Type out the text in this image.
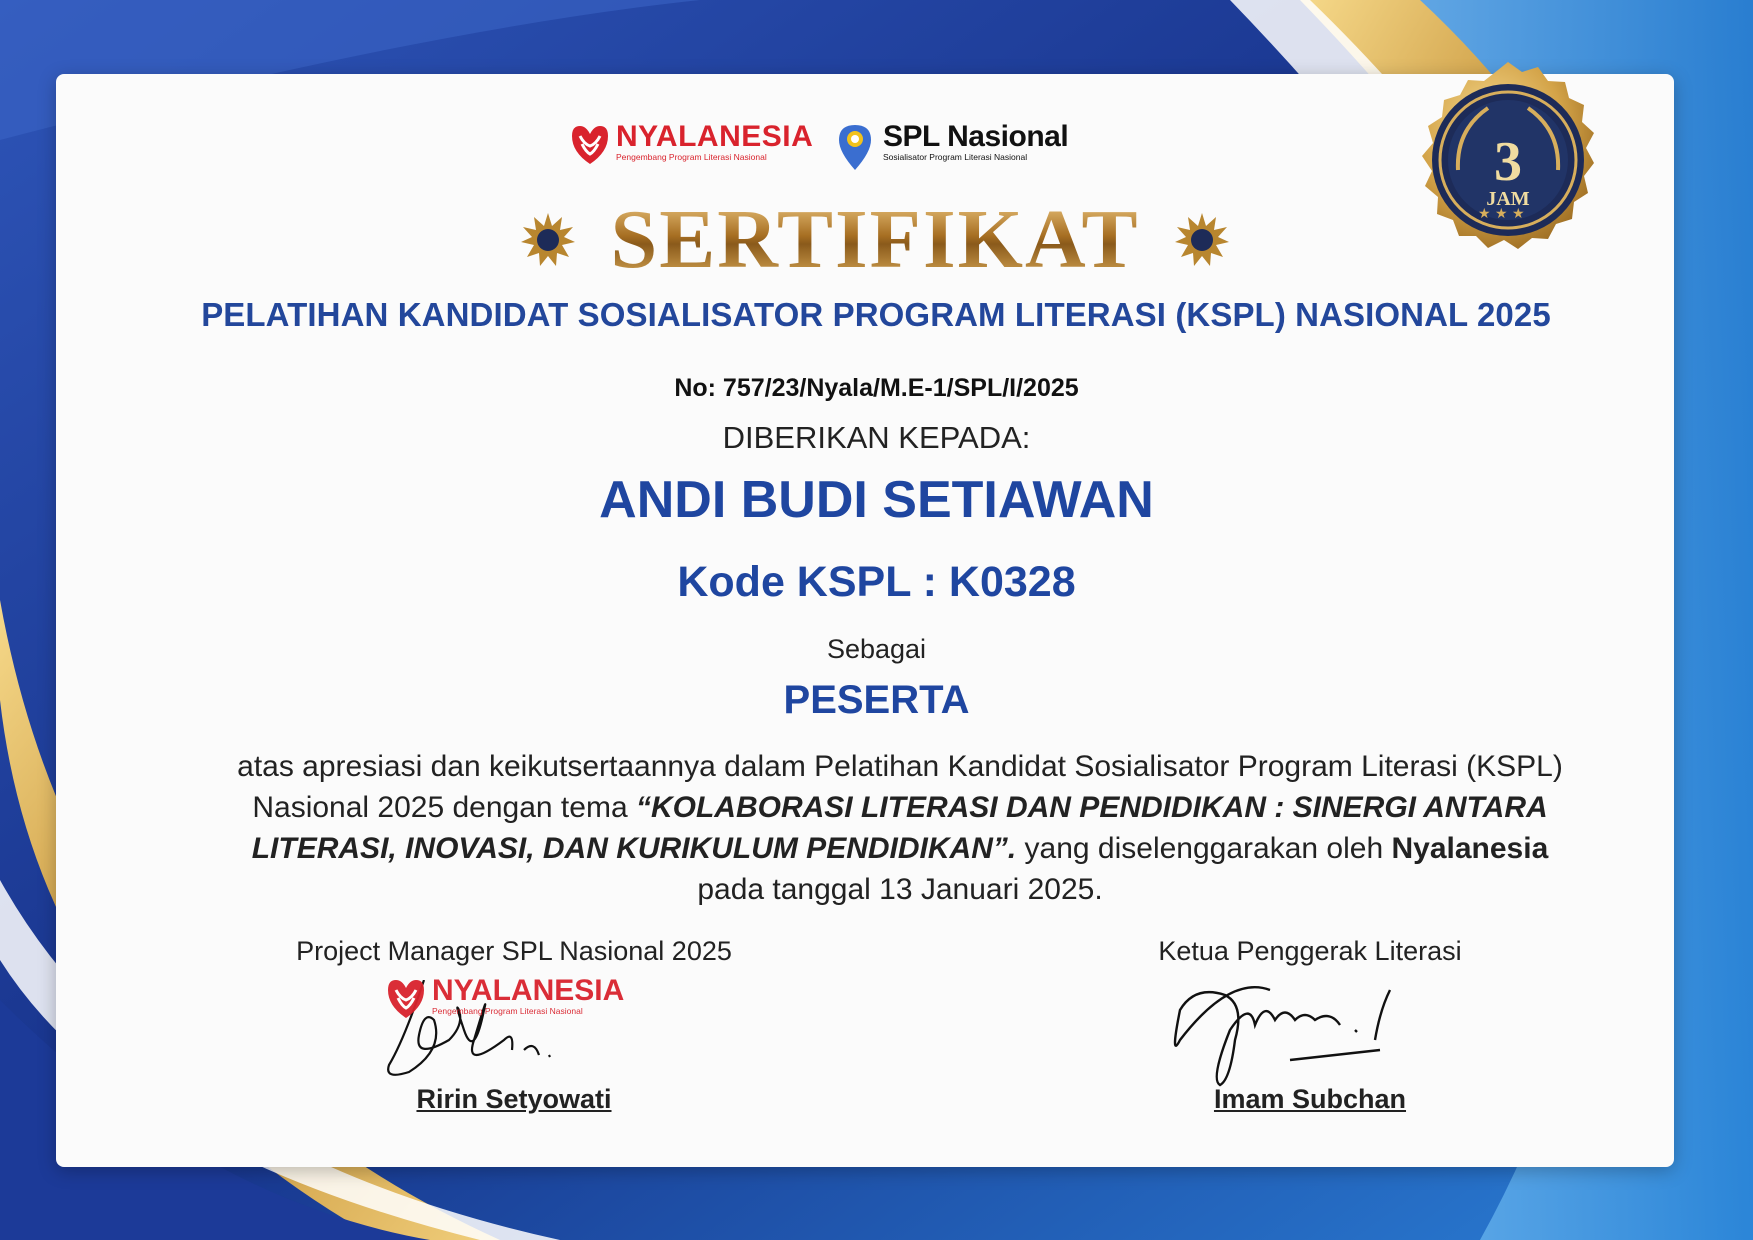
NYALANESIA
Pengembang Program Literasi Nasional
SPL Nasional
Sosialisator Program Literasi Nasional
★ ★ ★
3
JAM
SERTIFIKAT
PELATIHAN KANDIDAT SOSIALISATOR PROGRAM LITERASI (KSPL) NASIONAL 2025
No: 757/23/Nyala/M.E-1/SPL/I/2025
DIBERIKAN KEPADA:
ANDI BUDI SETIAWAN
Kode KSPL : K0328
Sebagai
PESERTA
atas apresiasi dan keikutsertaannya dalam Pelatihan Kandidat Sosialisator Program Literasi (KSPL) Nasional 2025 dengan tema “KOLABORASI LITERASI DAN PENDIDIKAN : SINERGI ANTARA LITERASI, INOVASI, DAN KURIKULUM PENDIDIKAN”. yang diselenggarakan oleh Nyalanesia pada tanggal 13 Januari 2025.
Project Manager SPL Nasional 2025
Ririn Setyowati
NYALANESIA
Pengembang Program Literasi Nasional
Ketua Penggerak Literasi
Imam Subchan
